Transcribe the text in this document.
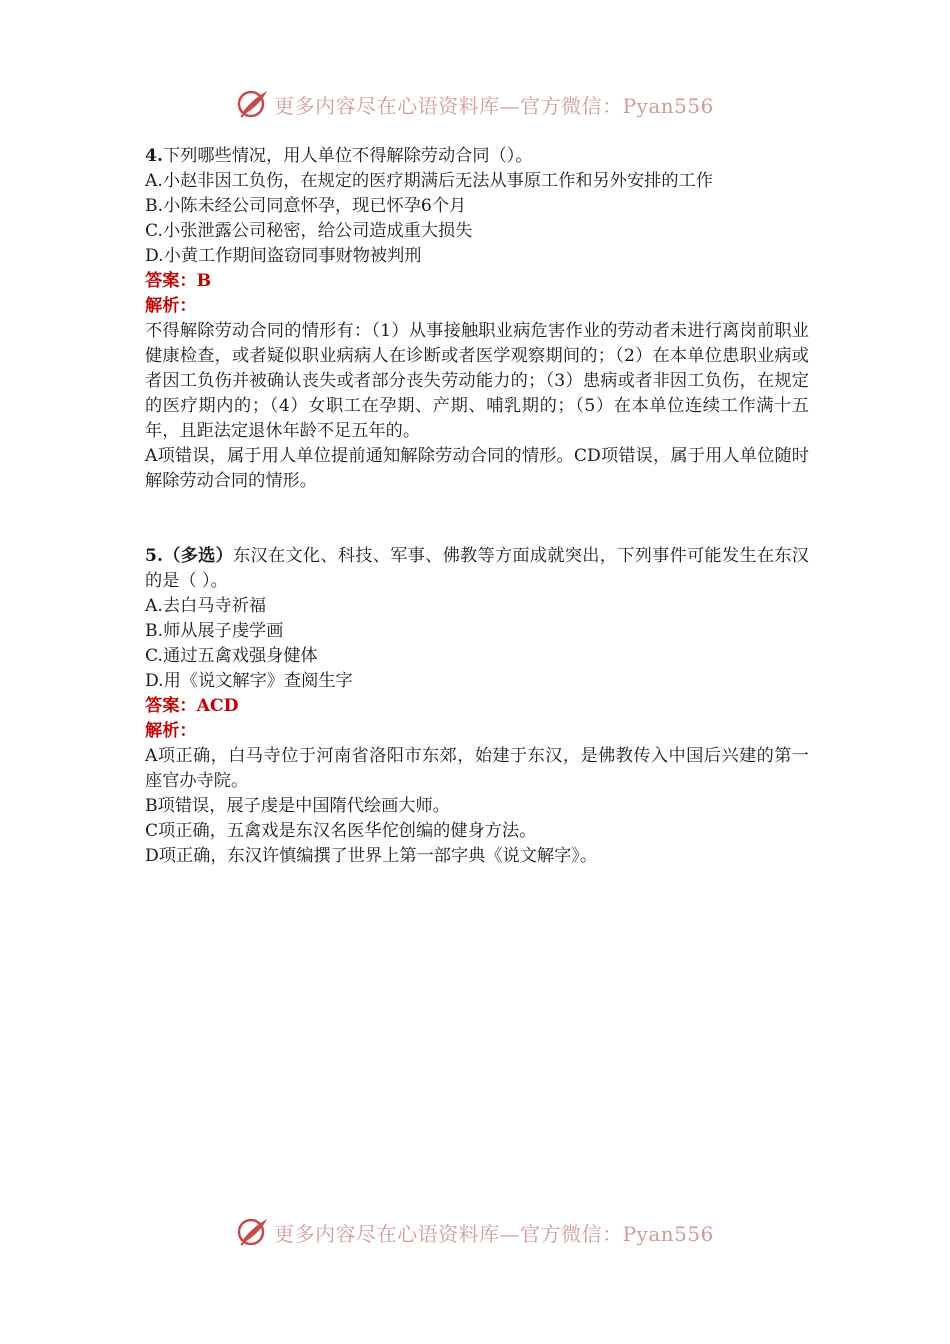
更多内容尽在心语资料库—官方微信：Pyan556
4.下列哪些情况，用人单位不得解除劳动合同（）。
A.小赵非因工负伤，在规定的医疗期满后无法从事原工作和另外安排的工作
B.小陈未经公司同意怀孕，现已怀孕6个月
C.小张泄露公司秘密，给公司造成重大损失
D.小黄工作期间盗窃同事财物被判刑
答案：B
解析：
不得解除劳动合同的情形有：（1）从事接触职业病危害作业的劳动者未进行离岗前职业健康检查，或者疑似职业病病人在诊断或者医学观察期间的；（2）在本单位患职业病或者因工负伤并被确认丧失或者部分丧失劳动能力的；（3）患病或者非因工负伤，在规定的医疗期内的；（4）女职工在孕期、产期、哺乳期的；（5）在本单位连续工作满十五年，且距法定退休年龄不足五年的。
A项错误，属于用人单位提前通知解除劳动合同的情形。CD项错误，属于用人单位随时解除劳动合同的情形。
5.（多选）东汉在文化、科技、军事、佛教等方面成就突出，下列事件可能发生在东汉的是（ ）。
A.去白马寺祈福
B.师从展子虔学画
C.通过五禽戏强身健体
D.用《说文解字》查阅生字
答案：ACD
解析：
A项正确，白马寺位于河南省洛阳市东郊，始建于东汉，是佛教传入中国后兴建的第一座官办寺院。
B项错误，展子虔是中国隋代绘画大师。
C项正确，五禽戏是东汉名医华佗创编的健身方法。
D项正确，东汉许慎编撰了世界上第一部字典《说文解字》。
更多内容尽在心语资料库—官方微信：Pyan556
